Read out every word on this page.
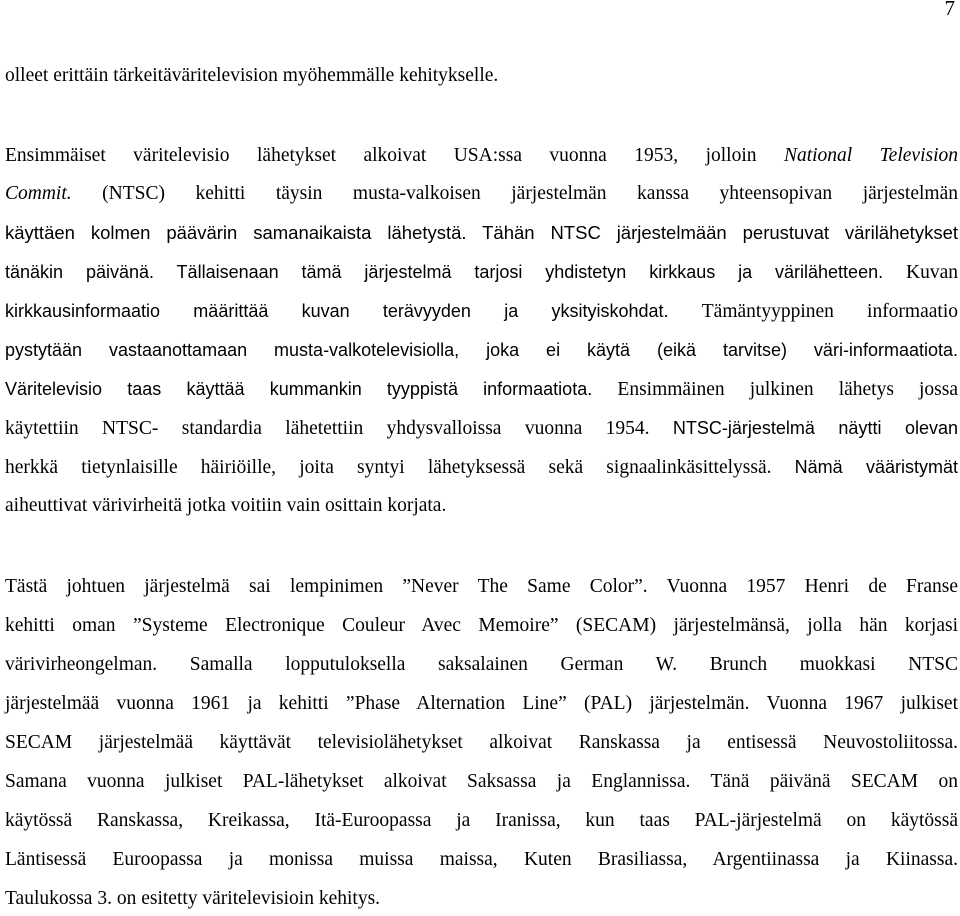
7
olleet erittäin tärkeitäväritelevision myöhemmälle kehitykselle.
Ensimmäiset väritelevisio lähetykset alkoivat USA:ssa vuonna 1953, jolloin National Television
Commit. (NTSC) kehitti täysin musta-valkoisen järjestelmän kanssa yhteensopivan järjestelmän
käyttäen kolmen päävärin samanaikaista lähetystä. Tähän NTSC järjestelmään perustuvat värilähetykset
tänäkin päivänä. Tällaisenaan tämä järjestelmä tarjosi yhdistetyn kirkkaus ja värilähetteen. Kuvan
kirkkausinformaatio määrittää kuvan terävyyden ja yksityiskohdat. Tämäntyyppinen informaatio
pystytään vastaanottamaan musta-valkotelevisiolla, joka ei käytä (eikä tarvitse) väri-informaatiota.
Väritelevisio taas käyttää kummankin tyyppistä informaatiota. Ensimmäinen julkinen lähetys jossa
käytettiin NTSC- standardia lähetettiin yhdysvalloissa vuonna 1954. NTSC-järjestelmä näytti olevan
herkkä tietynlaisille häiriöille, joita syntyi lähetyksessä sekä signaalinkäsittelyssä. Nämä vääristymät
aiheuttivat värivirheitä jotka voitiin vain osittain korjata.
Tästä johtuen järjestelmä sai lempinimen ”Never The Same Color”. Vuonna 1957 Henri de Franse
kehitti oman ”Systeme Electronique Couleur Avec Memoire” (SECAM) järjestelmänsä, jolla hän korjasi
värivirheongelman. Samalla lopputuloksella saksalainen German W. Brunch muokkasi NTSC
järjestelmää vuonna 1961 ja kehitti ”Phase Alternation Line” (PAL) järjestelmän. Vuonna 1967 julkiset
SECAM järjestelmää käyttävät televisiolähetykset alkoivat Ranskassa ja entisessä Neuvostoliitossa.
Samana vuonna julkiset PAL-lähetykset alkoivat Saksassa ja Englannissa. Tänä päivänä SECAM on
käytössä Ranskassa, Kreikassa, Itä-Euroopassa ja Iranissa, kun taas PAL-järjestelmä on käytössä
Läntisessä Euroopassa ja monissa muissa maissa, Kuten Brasiliassa, Argentiinassa ja Kiinassa.
Taulukossa 3. on esitetty väritelevisioin kehitys.
